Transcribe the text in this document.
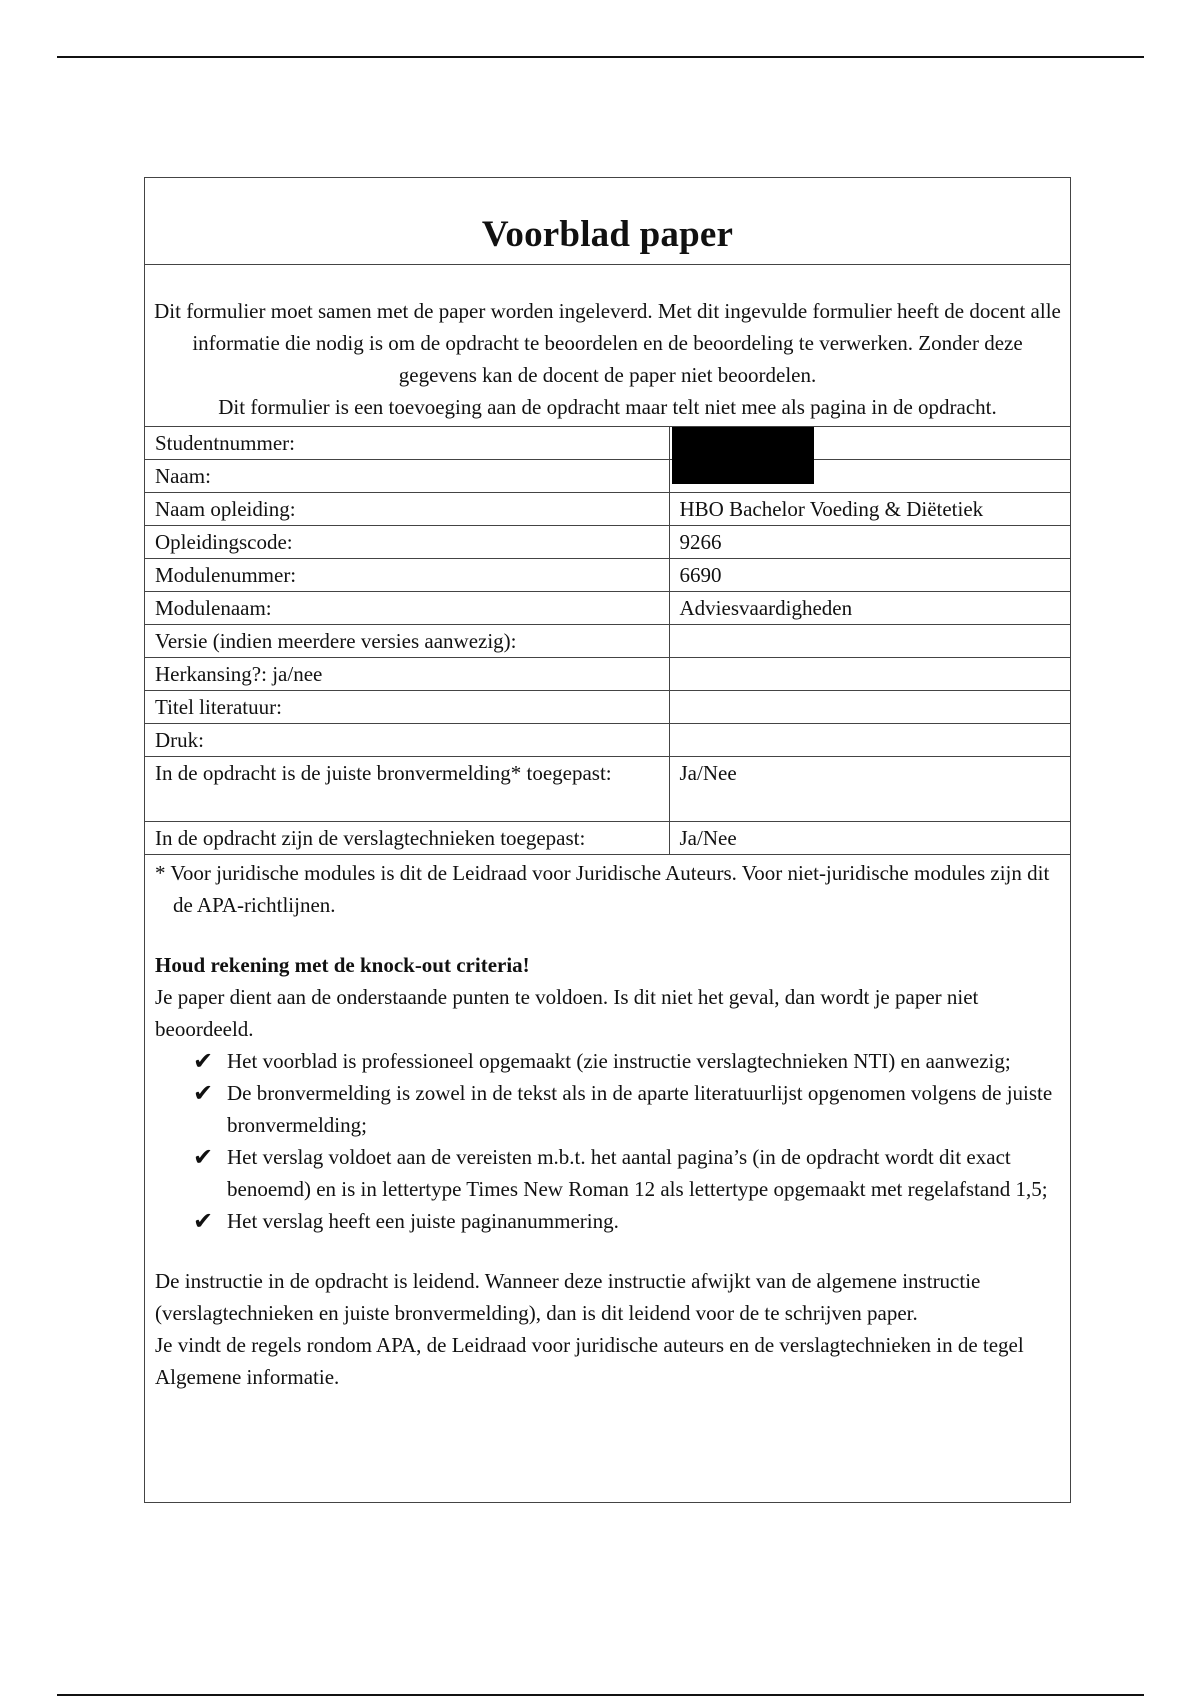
Voorblad paper

Dit formulier moet samen met de paper worden ingeleverd. Met dit ingevulde formulier heeft de docent alle informatie die nodig is om de opdracht te beoordelen en de beoordeling te verwerken. Zonder deze gegevens kan de docent de paper niet beoordelen.

Dit formulier is een toevoeging aan de opdracht maar telt niet mee als pagina in de opdracht.

Studentnummer:	
Naam:	
Naam opleiding:	HBO Bachelor Voeding & Diëtetiek
Opleidingscode:	9266
Modulenummer:	6690
Modulenaam:	Adviesvaardigheden
Versie (indien meerdere versies aanwezig):	
Herkansing?: ja/nee	
Titel literatuur:	
Druk:	
In de opdracht is de juiste bronvermelding* toegepast:	Ja/Nee
In de opdracht zijn de verslagtechnieken toegepast:	Ja/Nee

* Voor juridische modules is dit de Leidraad voor Juridische Auteurs. Voor niet-juridische modules zijn dit de APA-richtlijnen.

Houd rekening met de knock-out criteria!

Je paper dient aan de onderstaande punten te voldoen. Is dit niet het geval, dan wordt je paper niet beoordeeld.

✔ Het voorblad is professioneel opgemaakt (zie instructie verslagtechnieken NTI) en aanwezig;
✔ De bronvermelding is zowel in de tekst als in de aparte literatuurlijst opgenomen volgens de juiste bronvermelding;
✔ Het verslag voldoet aan de vereisten m.b.t. het aantal pagina’s (in de opdracht wordt dit exact benoemd) en is in lettertype Times New Roman 12 als lettertype opgemaakt met regelafstand 1,5;
✔ Het verslag heeft een juiste paginanummering.

De instructie in de opdracht is leidend. Wanneer deze instructie afwijkt van de algemene instructie (verslagtechnieken en juiste bronvermelding), dan is dit leidend voor de te schrijven paper.

Je vindt de regels rondom APA, de Leidraad voor juridische auteurs en de verslagtechnieken in de tegel Algemene informatie.
